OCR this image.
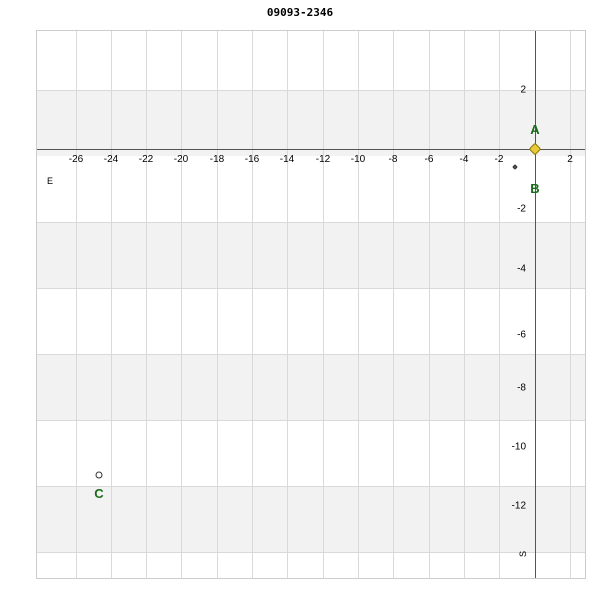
09093-2346
-26 -24 -22 -20 -18 -16 -14 -12 -10 -8	-6	-4	-2	2
2
-2
-4
-6
-8
-10
-12
A
B
C
E
S
